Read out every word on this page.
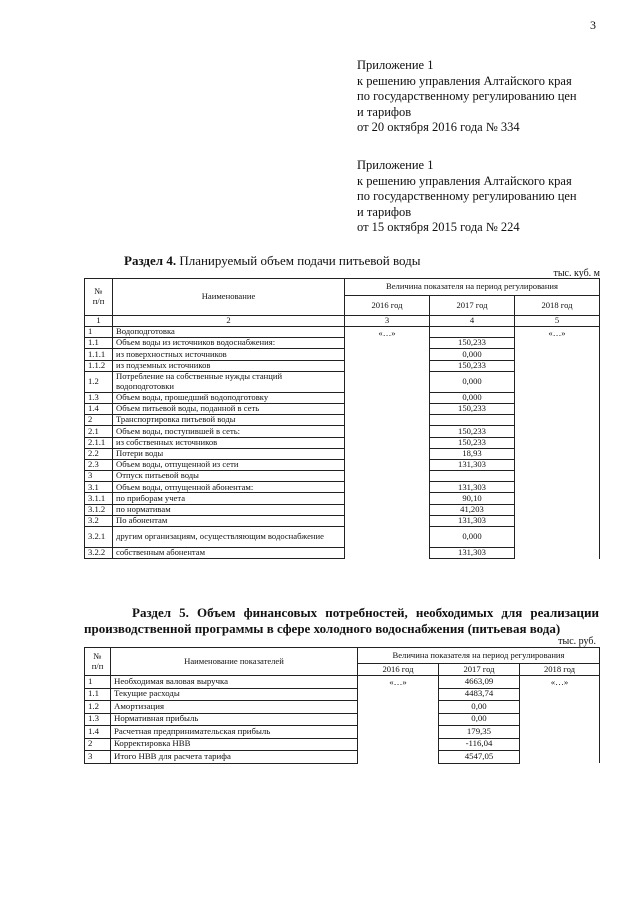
3
Приложение 1
к решению управления Алтайского края
по государственному регулированию цен
и тарифов
от 20 октября 2016 года № 334
Приложение 1
к решению управления Алтайского края
по государственному регулированию цен
и тарифов
от 15 октября 2015 года № 224
Раздел 4. Планируемый объем подачи питьевой воды
тыс. куб. м
№
п/п	Наименование	Величина показателя на период регулирования		
		2016 год	2017 год	2018 год
1	2	3	4	5
1	Водоподготовка	«…»		«…»
1.1	Объем воды из источников водоснабжения:		150,233	
1.1.1	из поверхностных источников		0,000	
1.1.2	из подземных источников		150,233	
1.2	Потребление на собственные нужды станций водоподготовки		0,000	
1.3	Объем воды, прошедший водоподготовку		0,000	
1.4	Объем питьевой воды, поданной в сеть		150,233	
2	Транспортировка питьевой воды			
2.1	Объем воды, поступившей в сеть:		150,233	
2.1.1	из собственных источников		150,233	
2.2	Потери воды		18,93	
2.3	Объем воды, отпущенной из сети		131,303	
3	Отпуск питьевой воды			
3.1	Объем воды, отпущенной абонентам:		131,303	
3.1.1	по приборам учета		90,10	
3.1.2	по нормативам		41,203	
3.2	По абонентам		131,303	
3.2.1	другим организациям, осуществляющим водоснабжение		0,000	
3.2.2	собственным абонентам		131,303	
Раздел 5. Объем финансовых потребностей, необходимых для реализации производственной программы в сфере холодного водоснабжения (питьевая вода)
тыс. руб.
№
п/п	Наименование показателей	Величина показателя на период регулирования		
		2016 год	2017 год	2018 год
1	Необходимая валовая выручка	«…»	4663,09	«…»
1.1	Текущие расходы		4483,74	
1.2	Амортизация		0,00	
1.3	Нормативная прибыль		0,00	
1.4	Расчетная предпринимательская прибыль		179,35	
2	Корректировка НВВ		-116,04	
3	Итого НВВ для расчета тарифа		4547,05	
